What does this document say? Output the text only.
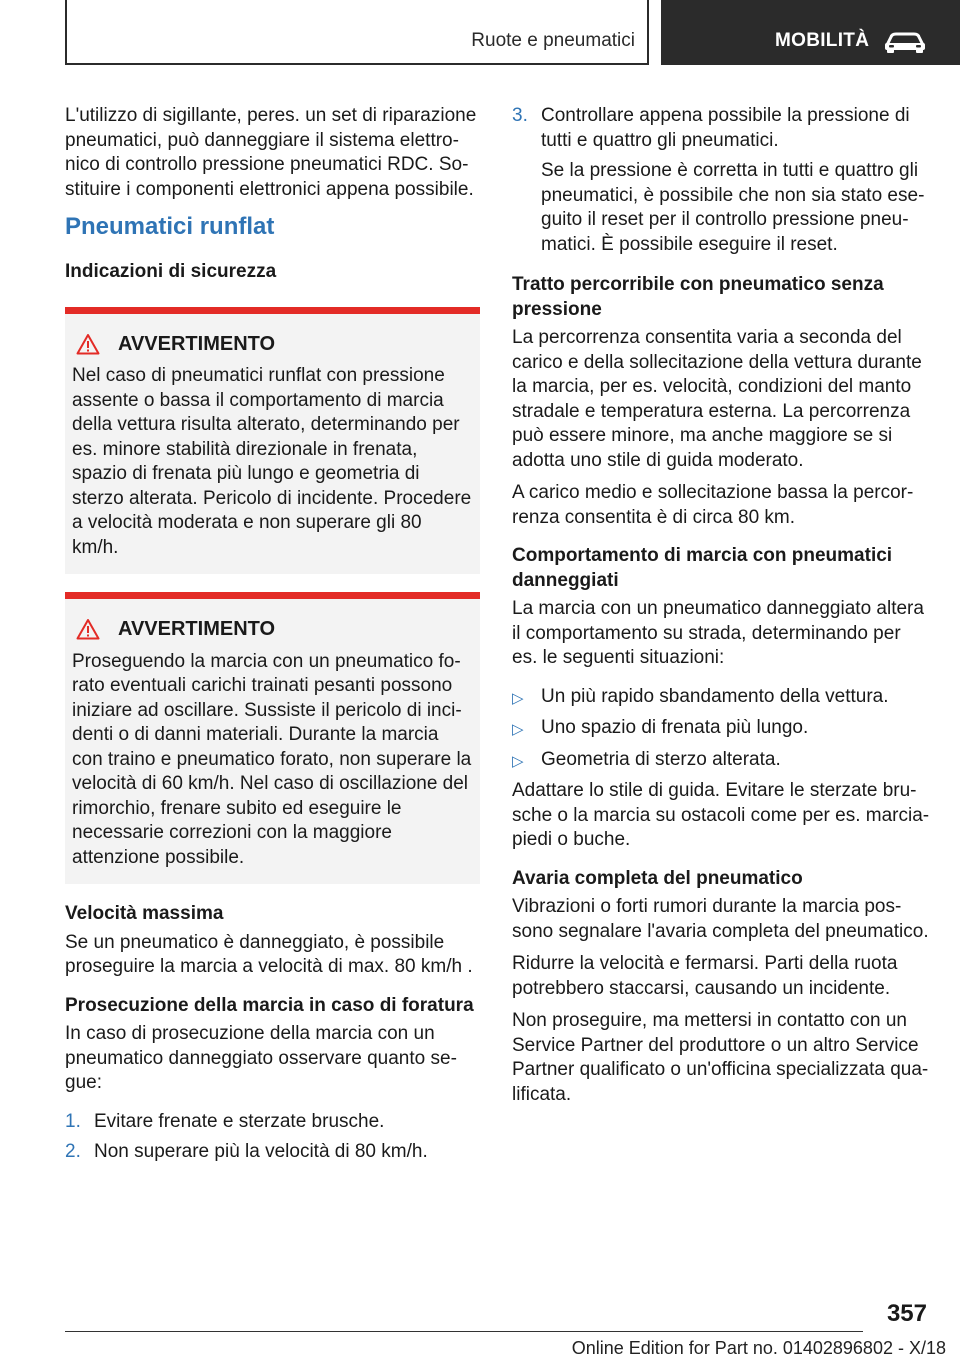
Ruote e pneumatici	MOBILITÀ

L'utilizzo di sigillante, peres. un set di riparazione pneumatici, può danneggiare il sistema elettronico di controllo pressione pneumatici RDC. Sostituire i componenti elettronici appena possibile.

Pneumatici runflat
Indicazioni di sicurezza
AVVERTIMENTO
Nel caso di pneumatici runflat con pressione assente o bassa il comportamento di marcia della vettura risulta alterato, determinando per es. minore stabilità direzionale in frenata, spazio di frenata più lungo e geometria di sterzo alterata. Pericolo di incidente. Procedere a velocità moderata e non superare gli 80 km/h.
AVVERTIMENTO
Proseguendo la marcia con un pneumatico forato eventuali carichi trainati pesanti possono iniziare ad oscillare. Sussiste il pericolo di incidenti o di danni materiali. Durante la marcia con traino e pneumatico forato, non superare la velocità di 60 km/h. Nel caso di oscillazione del rimorchio, frenare subito ed eseguire le necessarie correzioni con la maggiore attenzione possibile.
Velocità massima

Se un pneumatico è danneggiato, è possibile proseguire la marcia a velocità di max. 80 km/h .

Prosecuzione della marcia in caso di foratura

In caso di prosecuzione della marcia con un pneumatico danneggiato osservare quanto segue:

1. Evitare frenate e sterzate brusche.
2. Non superare più la velocità di 80 km/h.
3. Controllare appena possibile la pressione di tutti e quattro gli pneumatici.
Se la pressione è corretta in tutti e quattro gli pneumatici, è possibile che non sia stato eseguito il reset per il controllo pressione pneumatici. È possibile eseguire il reset.
Tratto percorribile con pneumatico senza pressione

La percorrenza consentita varia a seconda del carico e della sollecitazione della vettura durante la marcia, per es. velocità, condizioni del manto stradale e temperatura esterna. La percorrenza può essere minore, ma anche maggiore se si adotta uno stile di guida moderato.

A carico medio e sollecitazione bassa la percorrenza consentita è di circa 80 km.

Comportamento di marcia con pneumatici danneggiati

La marcia con un pneumatico danneggiato altera il comportamento su strada, determinando per es. le seguenti situazioni:

▷ Un più rapido sbandamento della vettura.
▷ Uno spazio di frenata più lungo.
▷ Geometria di sterzo alterata.

Adattare lo stile di guida. Evitare le sterzate brusche o la marcia su ostacoli come per es. marciapiedi o buche.

Avaria completa del pneumatico

Vibrazioni o forti rumori durante la marcia possono segnalare l'avaria completa del pneumatico.

Ridurre la velocità e fermarsi. Parti della ruota potrebbero staccarsi, causando un incidente.

Non proseguire, ma mettersi in contatto con un Service Partner del produttore o un altro Service Partner qualificato o un'officina specializzata qualificata.

357
Online Edition for Part no. 01402896802 - X/18
